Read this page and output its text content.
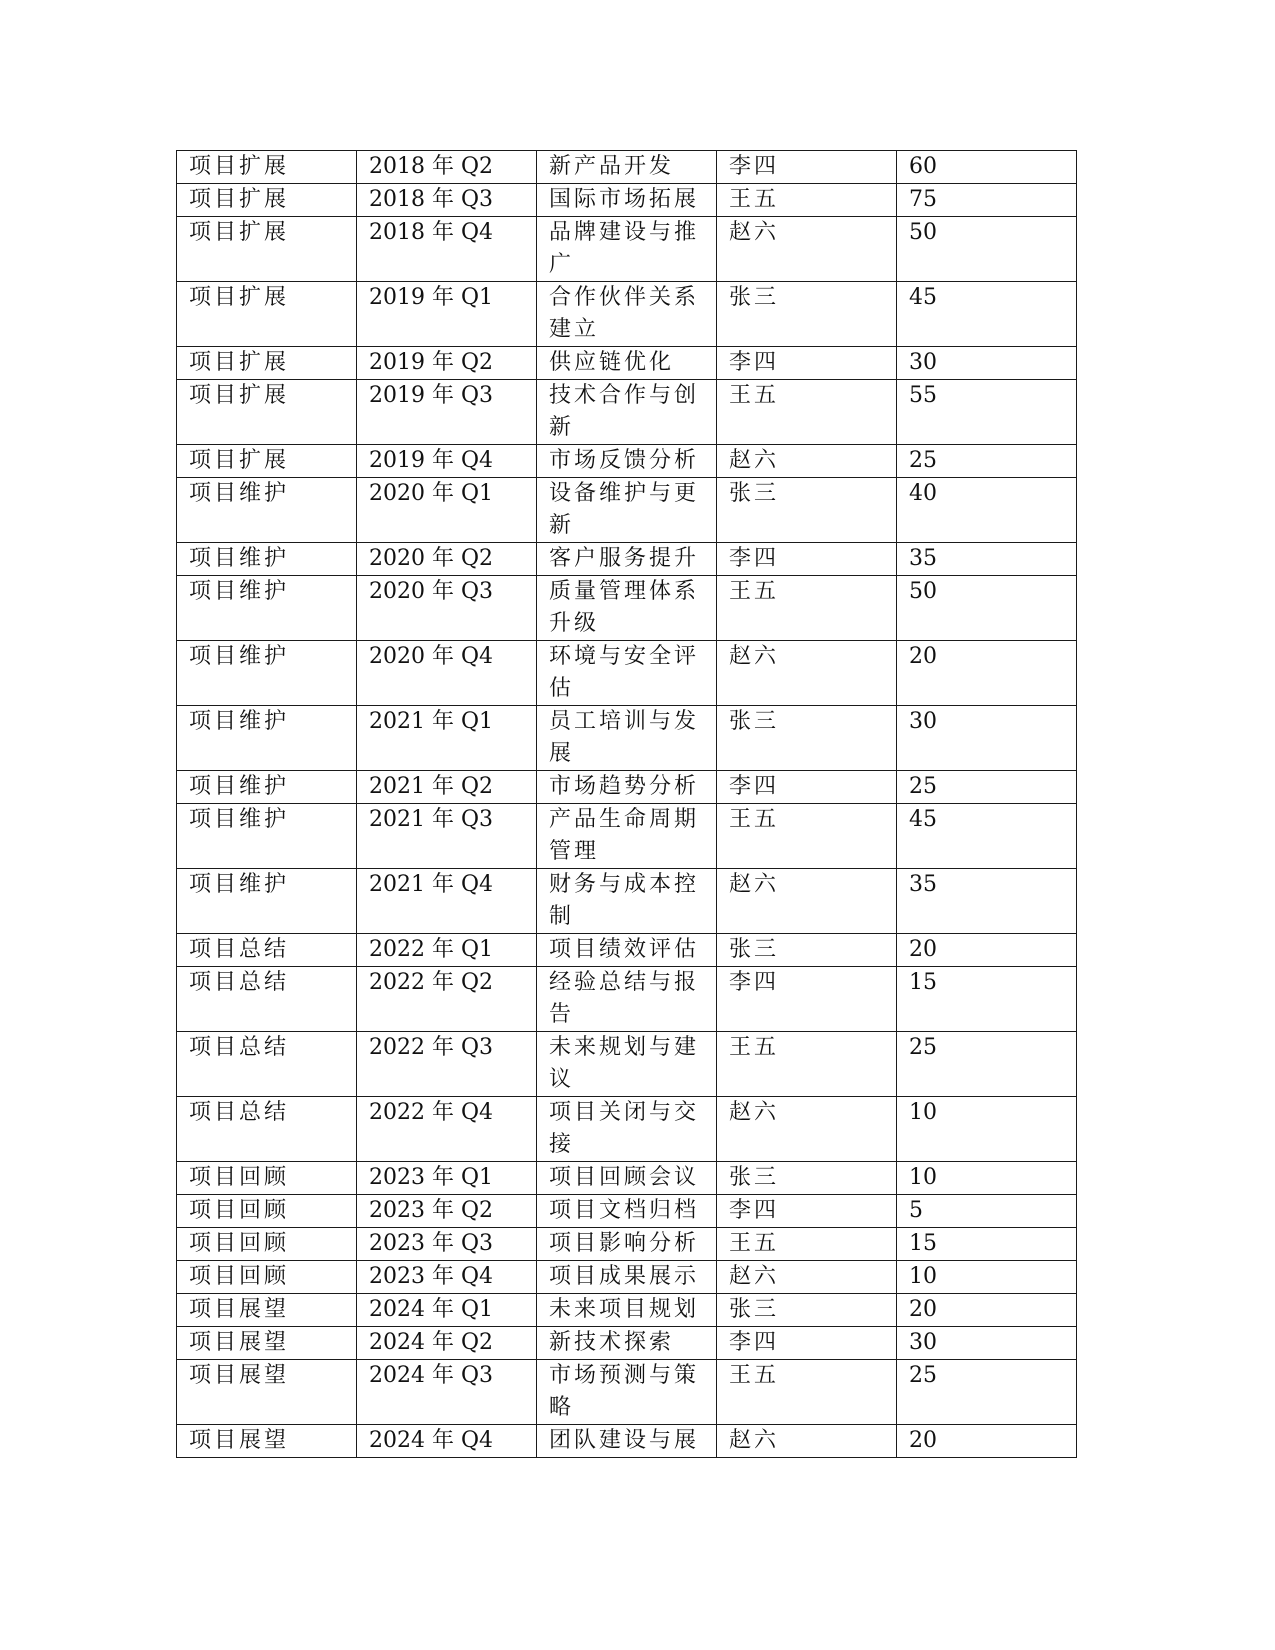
项目扩展	2018 年 Q2	新产品开发	李四	60
项目扩展	2018 年 Q3	国际市场拓展	王五	75
项目扩展	2018 年 Q4	品牌建设与推广	赵六	50
项目扩展	2019 年 Q1	合作伙伴关系建立	张三	45
项目扩展	2019 年 Q2	供应链优化	李四	30
项目扩展	2019 年 Q3	技术合作与创新	王五	55
项目扩展	2019 年 Q4	市场反馈分析	赵六	25
项目维护	2020 年 Q1	设备维护与更新	张三	40
项目维护	2020 年 Q2	客户服务提升	李四	35
项目维护	2020 年 Q3	质量管理体系升级	王五	50
项目维护	2020 年 Q4	环境与安全评估	赵六	20
项目维护	2021 年 Q1	员工培训与发展	张三	30
项目维护	2021 年 Q2	市场趋势分析	李四	25
项目维护	2021 年 Q3	产品生命周期管理	王五	45
项目维护	2021 年 Q4	财务与成本控制	赵六	35
项目总结	2022 年 Q1	项目绩效评估	张三	20
项目总结	2022 年 Q2	经验总结与报告	李四	15
项目总结	2022 年 Q3	未来规划与建议	王五	25
项目总结	2022 年 Q4	项目关闭与交接	赵六	10
项目回顾	2023 年 Q1	项目回顾会议	张三	10
项目回顾	2023 年 Q2	项目文档归档	李四	5
项目回顾	2023 年 Q3	项目影响分析	王五	15
项目回顾	2023 年 Q4	项目成果展示	赵六	10
项目展望	2024 年 Q1	未来项目规划	张三	20
项目展望	2024 年 Q2	新技术探索	李四	30
项目展望	2024 年 Q3	市场预测与策略	王五	25
项目展望	2024 年 Q4	团队建设与展	赵六	20
